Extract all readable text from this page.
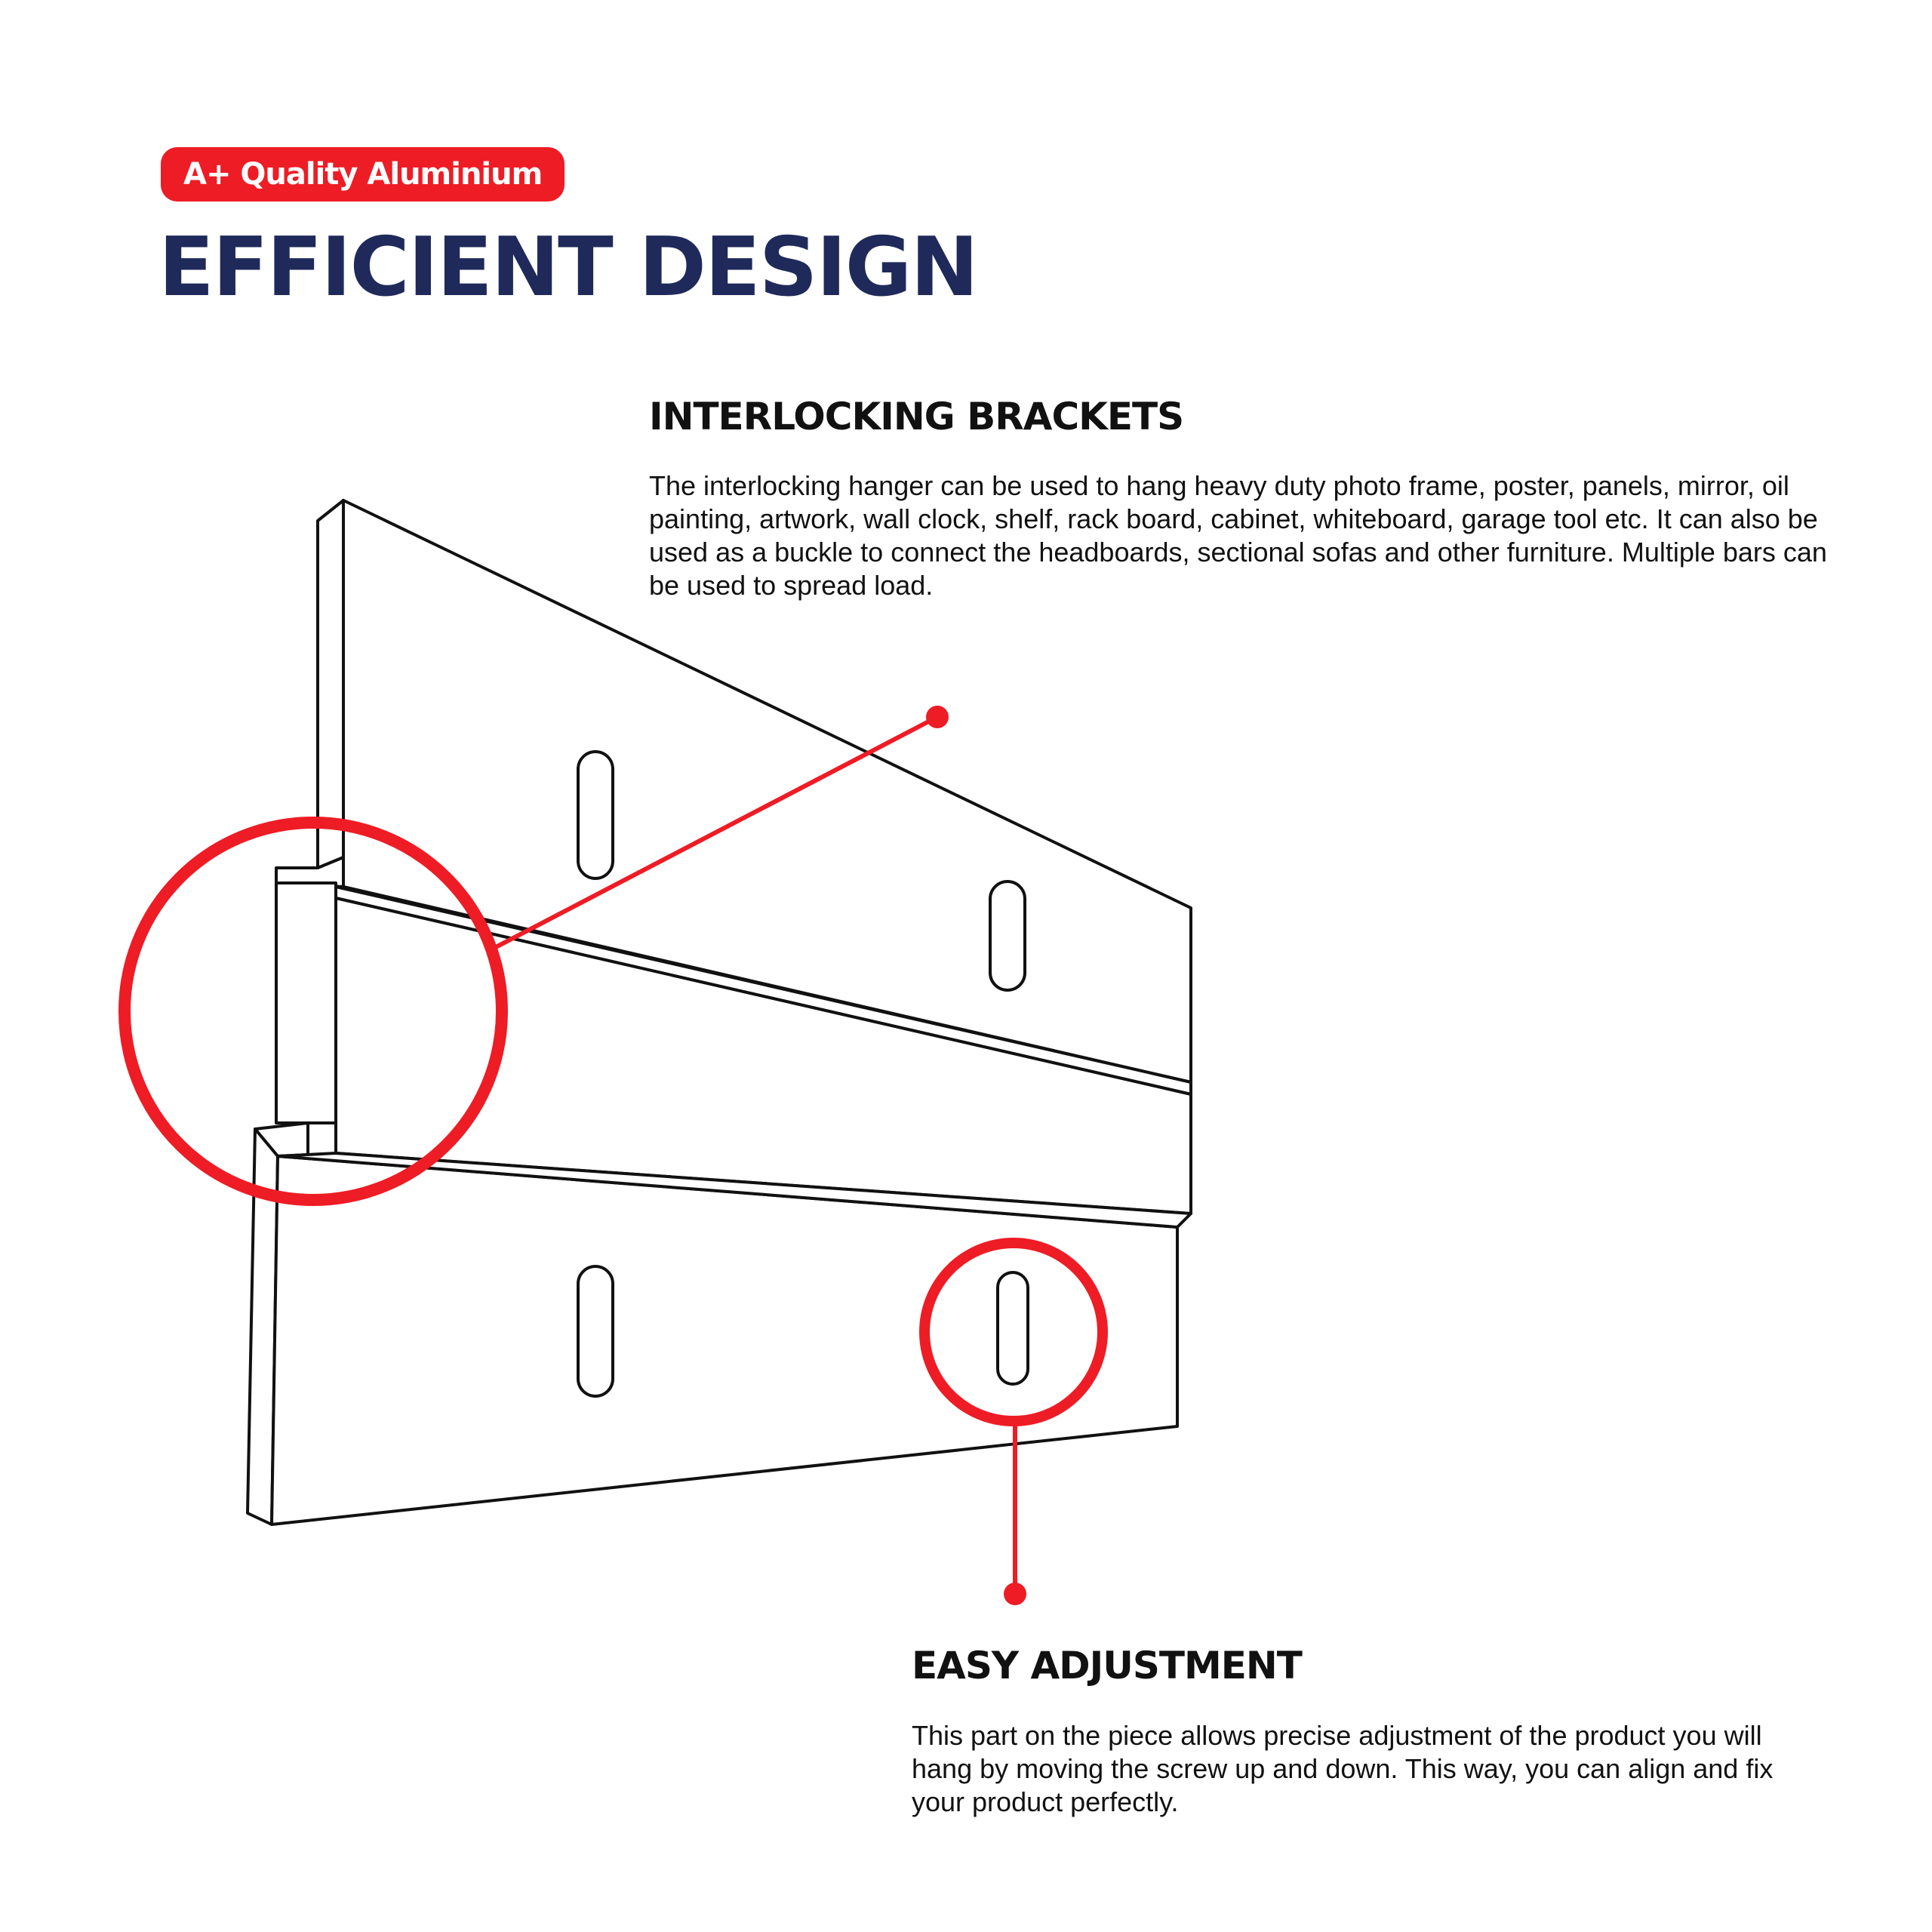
A+ Quality Aluminium
EFFICIENT DESIGN
INTERLOCKING BRACKETS

The interlocking hanger can be used to hang heavy duty photo frame, poster, panels, mirror, oil painting, artwork, wall clock, shelf, rack board, cabinet, whiteboard, garage tool etc. It can also be used as a buckle to connect the headboards, sectional sofas and other furniture. Multiple bars can be used to spread load.

EASY ADJUSTMENT

This part on the piece allows precise adjustment of the product you will hang by moving the screw up and down. This way, you can align and fix your product perfectly.
